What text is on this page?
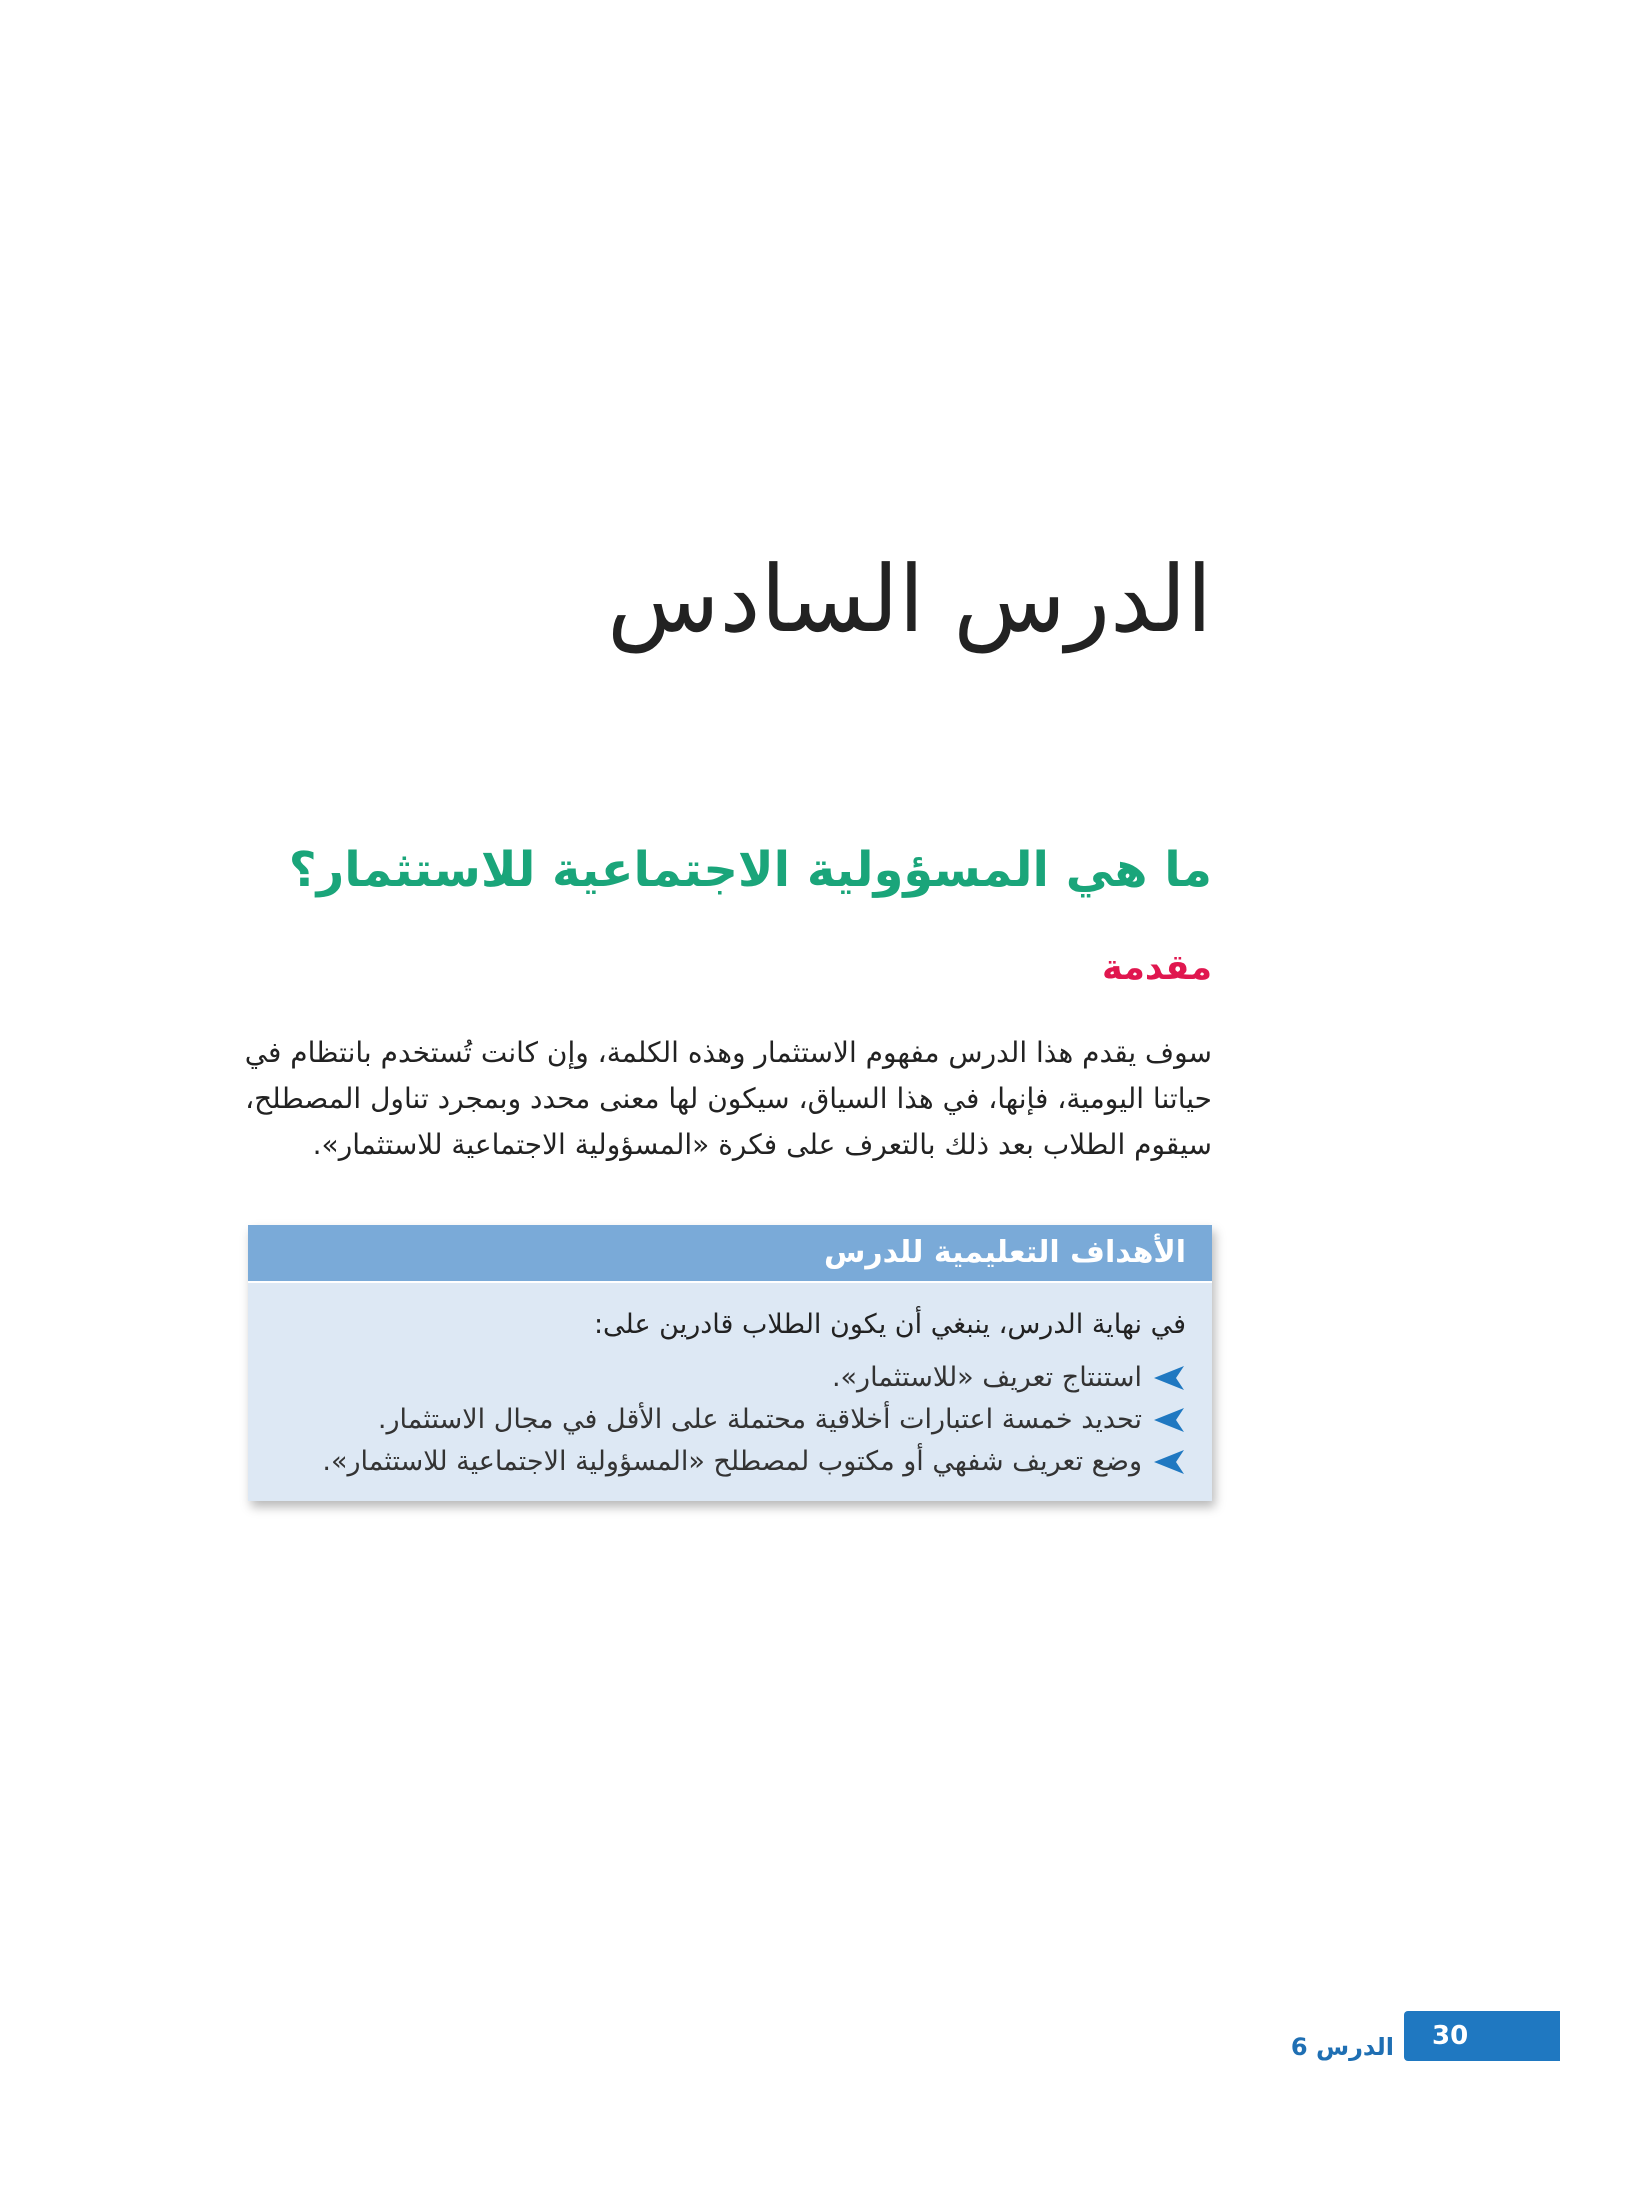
الدرس السادس
ما هي المسؤولية الاجتماعية للاستثمار؟
مقدمة

سوف يقدم هذا الدرس مفهوم الاستثمار وهذه الكلمة، وإن كانت تُستخدم بانتظام في حياتنا اليومية، فإنها، في هذا السياق، سيكون لها معنى محدد وبمجرد تناول المصطلح، سيقوم الطلاب بعد ذلك بالتعرف على فكرة «المسؤولية الاجتماعية للاستثمار».

الأهداف التعليمية للدرس
في نهاية الدرس، ينبغي أن يكون الطلاب قادرين على:
استنتاج تعريف «للاستثمار».
تحديد خمسة اعتبارات أخلاقية محتملة على الأقل في مجال الاستثمار.
وضع تعريف شفهي أو مكتوب لمصطلح «المسؤولية الاجتماعية للاستثمار».
الدرس 6 30
